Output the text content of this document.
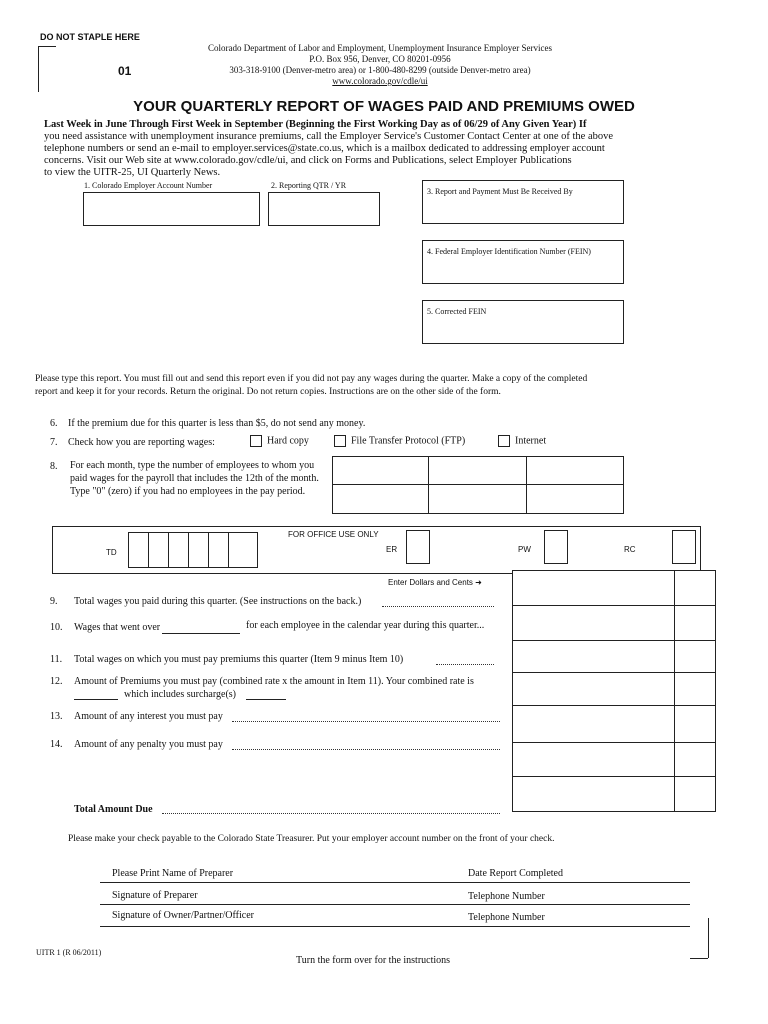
DO NOT STAPLE HERE
01
Colorado Department of Labor and Employment, Unemployment Insurance Employer Services
P.O. Box 956, Denver, CO 80201-0956
303-318-9100 (Denver-metro area) or 1-800-480-8299 (outside Denver-metro area)
www.colorado.gov/cdle/ui
YOUR QUARTERLY REPORT OF WAGES PAID AND PREMIUMS OWED
Last Week in June Through First Week in September (Beginning the First Working Day as of 06/29 of Any Given Year) If
you need assistance with unemployment insurance premiums, call the Employer Service's Customer Contact Center at one of the above
telephone numbers or send an e-mail to employer.services@state.co.us, which is a mailbox dedicated to addressing employer account
concerns. Visit our Web site at www.colorado.gov/cdle/ui, and click on Forms and Publications, select Employer Publications
to view the UITR-25, UI Quarterly News.
1. Colorado Employer Account Number	2. Reporting QTR / YR
3. Report and Payment Must Be Received By
4. Federal Employer Identification Number (FEIN)
5. Corrected FEIN
Please type this report. You must fill out and send this report even if you did not pay any wages during the quarter. Make a copy of the completed
report and keep it for your records. Return the original. Do not return copies. Instructions are on the other side of the form.
6. If the premium due for this quarter is less than $5, do not send any money.
7. Check how you are reporting wages:	Hard copy	File Transfer Protocol (FTP)	Internet
8. For each month, type the number of employees to whom you
paid wages for the payroll that includes the 12th of the month.
Type "0" (zero) if you had no employees in the pay period.
FOR OFFICE USE ONLY
TD	ER	PW	RC
Enter Dollars and Cents ➜
9. Total wages you paid during this quarter. (See instructions on the back.)
10. Wages that went over	for each employee in the calendar year during this quarter...
11. Total wages on which you must pay premiums this quarter (Item 9 minus Item 10)
12. Amount of Premiums you must pay (combined rate x the amount in Item 11). Your combined rate is
which includes surcharge(s)
13. Amount of any interest you must pay
14. Amount of any penalty you must pay
Total Amount Due
Please make your check payable to the Colorado State Treasurer. Put your employer account number on the front of your check.
Please Print Name of Preparer	Date Report Completed
Signature of Preparer	Telephone Number
Signature of Owner/Partner/Officer	Telephone Number
UITR 1 (R 06/2011)
Turn the form over for the instructions
